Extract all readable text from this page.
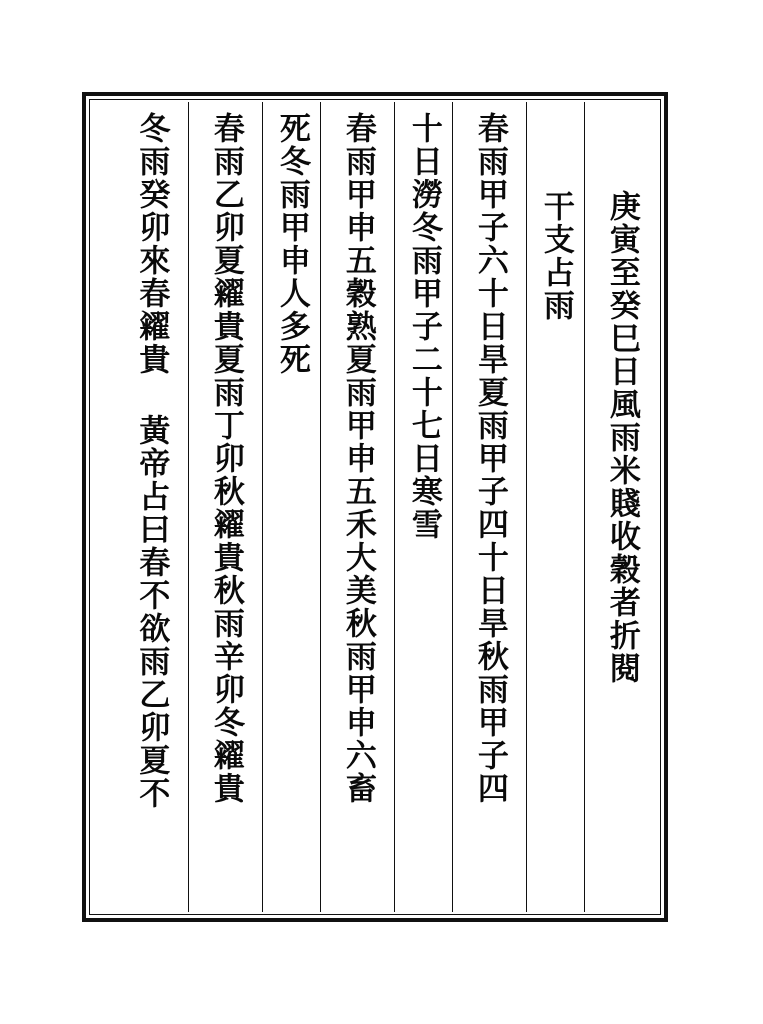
庚寅至癸巳日風雨米賤收穀者折閱
干支占雨
春雨甲子六十日旱夏雨甲子四十日旱秋雨甲子四
十日澇冬雨甲子二十七日寒雪
春雨甲申五穀熟夏雨甲申五禾大美秋雨甲申六畜
死冬雨甲申人多死
春雨乙卯夏糴貴夏雨丁卯秋糴貴秋雨辛卯冬糴貴
冬雨癸卯來春糴貴 黃帝占曰春不欲雨乙卯夏不
